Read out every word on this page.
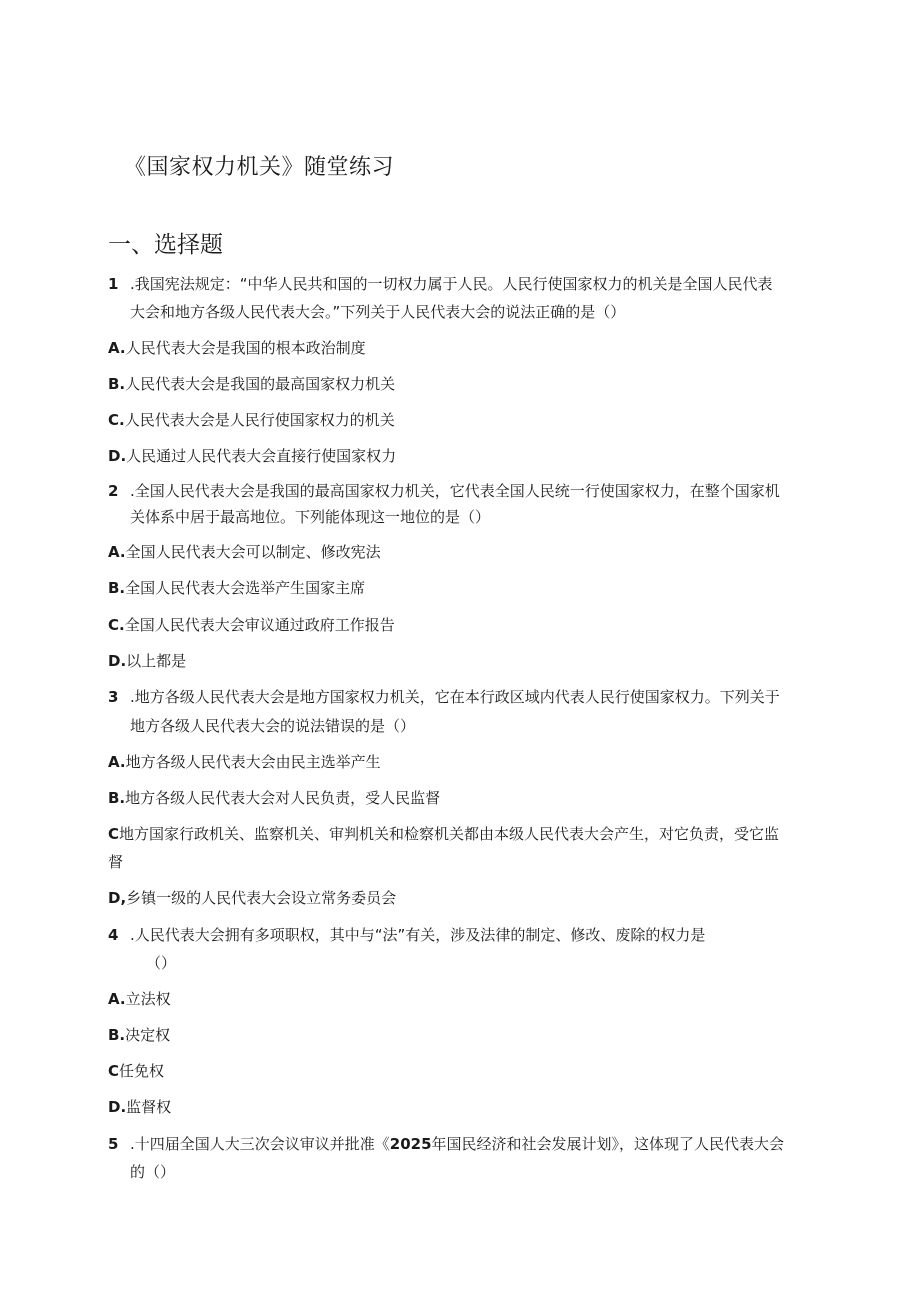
《国家权力机关》随堂练习
一、选择题
1 .我国宪法规定：“中华人民共和国的一切权力属于人民。人民行使国家权力的机关是全国人民代表
大会和地方各级人民代表大会。”下列关于人民代表大会的说法正确的是（）
A.人民代表大会是我国的根本政治制度
B.人民代表大会是我国的最高国家权力机关
C.人民代表大会是人民行使国家权力的机关
D.人民通过人民代表大会直接行使国家权力
2 .全国人民代表大会是我国的最高国家权力机关，它代表全国人民统一行使国家权力，在整个国家机
关体系中居于最高地位。下列能体现这一地位的是（）
A.全国人民代表大会可以制定、修改宪法
B.全国人民代表大会选举产生国家主席
C.全国人民代表大会审议通过政府工作报告
D.以上都是
3 .地方各级人民代表大会是地方国家权力机关，它在本行政区域内代表人民行使国家权力。下列关于
地方各级人民代表大会的说法错误的是（）
A.地方各级人民代表大会由民主选举产生
B.地方各级人民代表大会对人民负责，受人民监督
C地方国家行政机关、监察机关、审判机关和检察机关都由本级人民代表大会产生，对它负责，受它监
督
D,乡镇一级的人民代表大会设立常务委员会
4 .人民代表大会拥有多项职权，其中与“法”有关，涉及法律的制定、修改、废除的权力是
（）
A.立法权
B.决定权
C任免权
D.监督权
5 .十四届全国人大三次会议审议并批准《2025年国民经济和社会发展计划》，这体现了人民代表大会
的（）
